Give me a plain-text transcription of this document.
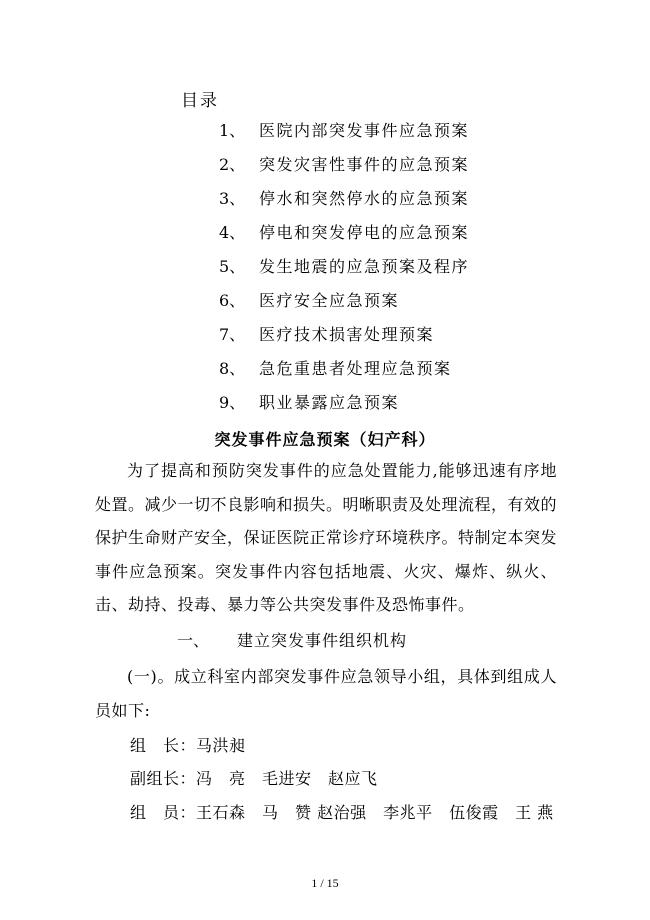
目录
1、 医院内部突发事件应急预案
2、 突发灾害性事件的应急预案
3、 停水和突然停水的应急预案
4、 停电和突发停电的应急预案
5、 发生地震的应急预案及程序
6、 医疗安全应急预案
7、 医疗技术损害处理预案
8、 急危重患者处理应急预案
9、 职业暴露应急预案
突发事件应急预案（妇产科）

为了提高和预防突发事件的应急处置能力,能够迅速有序地处置。减少一切不良影响和损失。明晰职责及处理流程，有效的保护生命财产安全，保证医院正常诊疗环境秩序。特制定本突发事件应急预案。突发事件内容包括地震、火灾、爆炸、纵火、击、劫持、投毒、暴力等公共突发事件及恐怖事件。

一、 建立突发事件组织机构

(一)。成立科室内部突发事件应急领导小组，具体到组成人员如下:

组　长：马洪昶
副组长：冯　亮　毛进安　赵应飞
组　员：王石森　马　赞 赵治强　李兆平　伍俊霞　王 燕
1 / 15
